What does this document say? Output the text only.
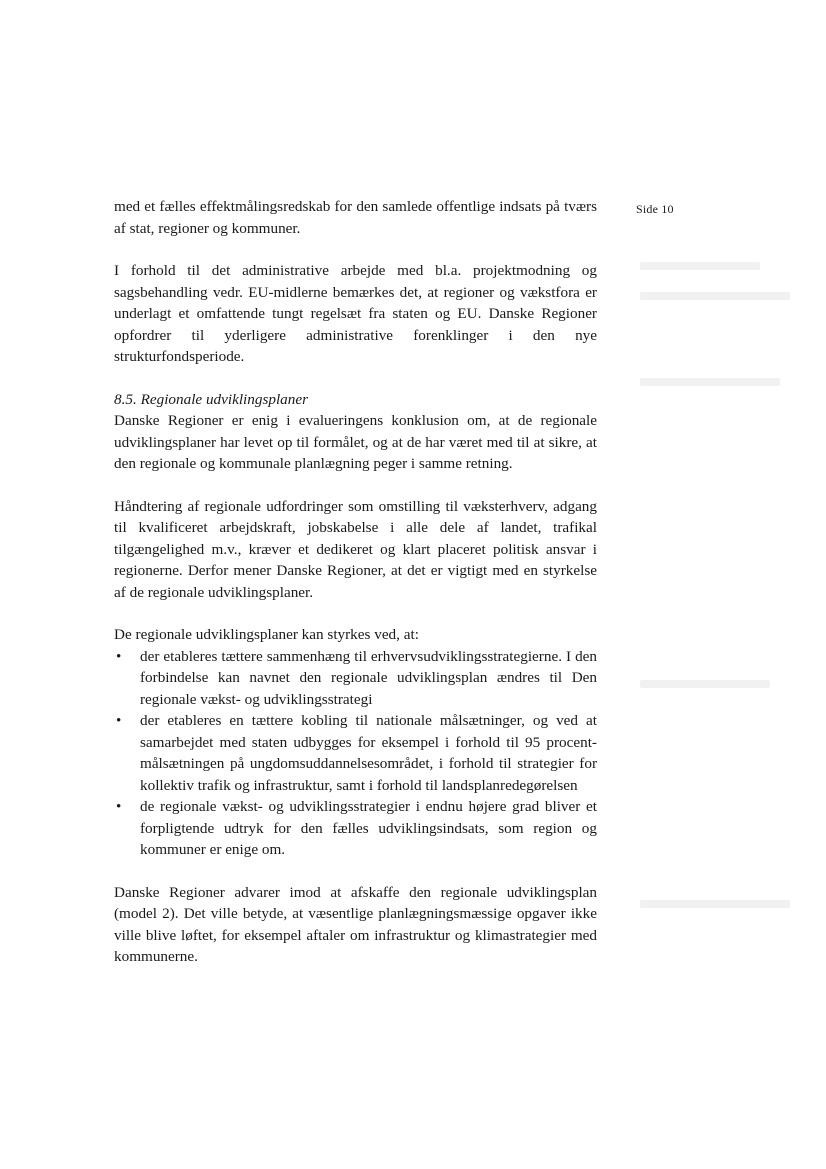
Side 10

med et fælles effektmålingsredskab for den samlede offentlige indsats på tværs af stat, regioner og kommuner.

I forhold til det administrative arbejde med bl.a. projektmodning og sagsbehandling vedr. EU-midlerne bemærkes det, at regioner og vækstfora er underlagt et omfattende tungt regelsæt fra staten og EU. Danske Regioner opfordrer til yderligere administrative forenklinger i den nye strukturfondsperiode.

8.5. Regionale udviklingsplaner

Danske Regioner er enig i evalueringens konklusion om, at de regionale udviklingsplaner har levet op til formålet, og at de har været med til at sikre, at den regionale og kommunale planlægning peger i samme retning.

Håndtering af regionale udfordringer som omstilling til væksterhverv, adgang til kvalificeret arbejdskraft, jobskabelse i alle dele af landet, trafikal tilgængelighed m.v., kræver et dedikeret og klart placeret politisk ansvar i regionerne. Derfor mener Danske Regioner, at det er vigtigt med en styrkelse af de regionale udviklingsplaner.

De regionale udviklingsplaner kan styrkes ved, at:

• der etableres tættere sammenhæng til erhvervsudviklingsstrategierne. I den forbindelse kan navnet den regionale udviklingsplan ændres til Den regionale vækst- og udviklingsstrategi
• der etableres en tættere kobling til nationale målsætninger, og ved at samarbejdet med staten udbygges for eksempel i forhold til 95 procent-målsætningen på ungdomsuddannelsesområdet, i forhold til strategier for kollektiv trafik og infrastruktur, samt i forhold til landsplanredegørelsen
• de regionale vækst- og udviklingsstrategier i endnu højere grad bliver et forpligtende udtryk for den fælles udviklingsindsats, som region og kommuner er enige om.

Danske Regioner advarer imod at afskaffe den regionale udviklingsplan (model 2). Det ville betyde, at væsentlige planlægningsmæssige opgaver ikke ville blive løftet, for eksempel aftaler om infrastruktur og klimastrategier med kommunerne.
